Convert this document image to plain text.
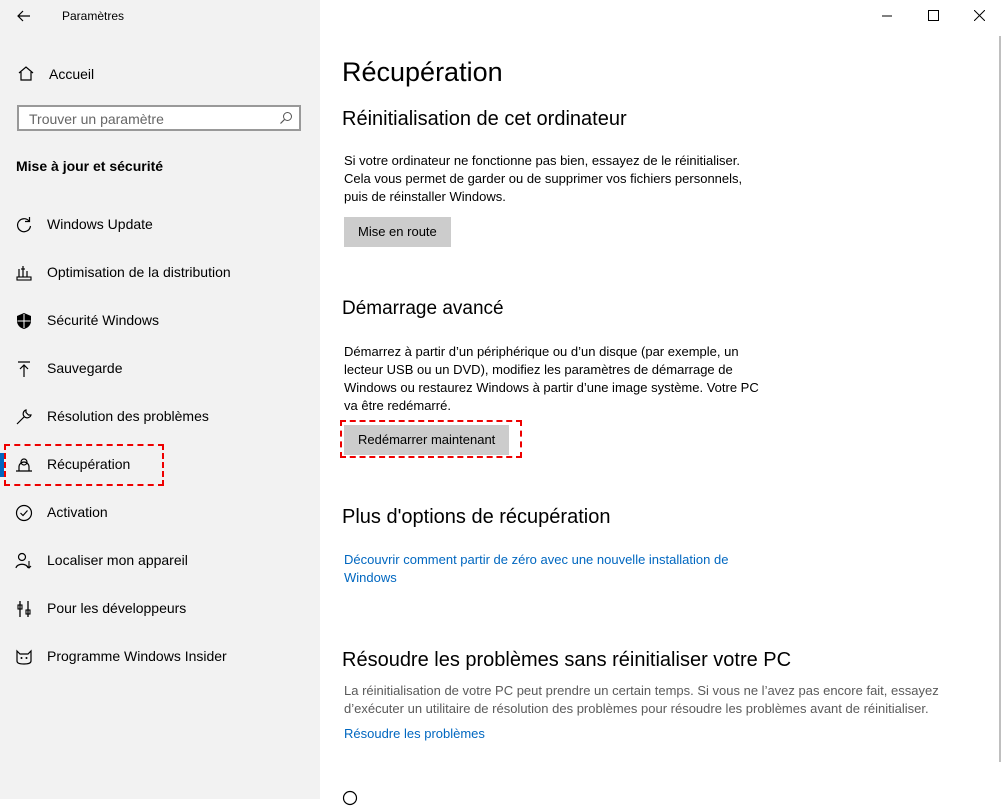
Paramètres
Accueil
Trouver un paramètre
Mise à jour et sécurité
Windows Update
Optimisation de la distribution
Sécurité Windows
Sauvegarde
Résolution des problèmes
Récupération
Activation
Localiser mon appareil
Pour les développeurs
Programme Windows Insider
Récupération
Réinitialisation de cet ordinateur
Si votre ordinateur ne fonctionne pas bien, essayez de le réinitialiser.
Cela vous permet de garder ou de supprimer vos fichiers personnels,
puis de réinstaller Windows.
Mise en route
Démarrage avancé
Démarrez à partir d’un périphérique ou d’un disque (par exemple, un
lecteur USB ou un DVD), modifiez les paramètres de démarrage de
Windows ou restaurez Windows à partir d’une image système. Votre PC
va être redémarré.
Redémarrer maintenant
Plus d'options de récupération
Découvrir comment partir de zéro avec une nouvelle installation de
Windows
Résoudre les problèmes sans réinitialiser votre PC
La réinitialisation de votre PC peut prendre un certain temps. Si vous ne l’avez pas encore fait, essayez
d’exécuter un utilitaire de résolution des problèmes pour résoudre les problèmes avant de réinitialiser.
Résoudre les problèmes
